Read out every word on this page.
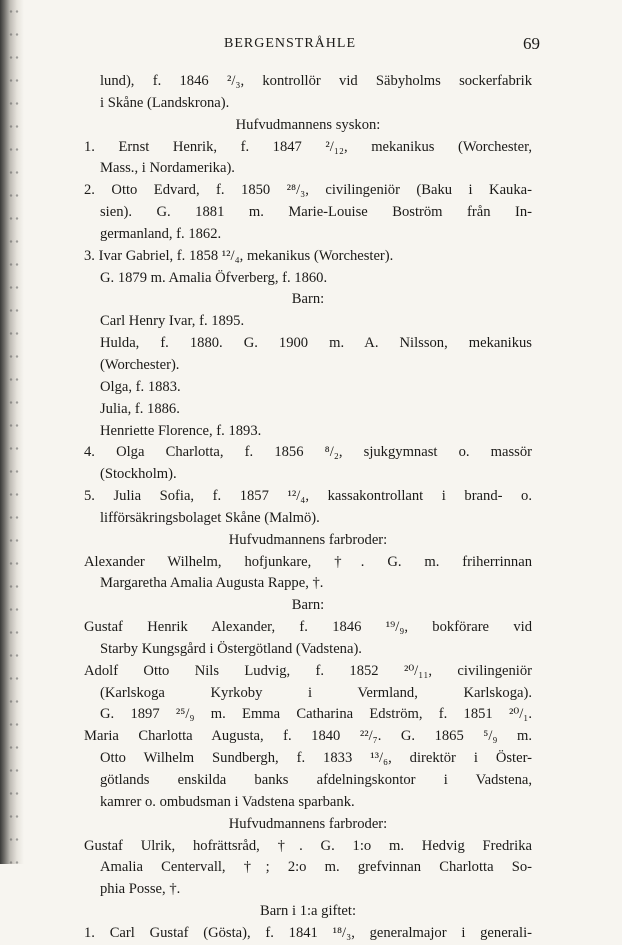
BERGENSTRÅHLE	69
lund), f. 1846 ²/₃, kontrollör vid Säbyholms sockerfabrik
i Skåne (Landskrona).
Hufvudmannens syskon:
1. Ernst Henrik, f. 1847 ²/₁₂, mekanikus (Worchester,
Mass., i Nordamerika).
2. Otto Edvard, f. 1850 ²⁸/₃, civilingeniör (Baku i Kauka-
sien). G. 1881 m. Marie-Louise Boström från In-
germanland, f. 1862.
3. Ivar Gabriel, f. 1858 ¹²/₄, mekanikus (Worchester).
G. 1879 m. Amalia Öfverberg, f. 1860.
Barn:
Carl Henry Ivar, f. 1895.
Hulda, f. 1880. G. 1900 m. A. Nilsson, mekanikus
(Worchester).
Olga, f. 1883.
Julia, f. 1886.
Henriette Florence, f. 1893.
4. Olga Charlotta, f. 1856 ⁸/₂, sjukgymnast o. massör
(Stockholm).
5. Julia Sofia, f. 1857 ¹²/₄, kassakontrollant i brand- o.
lifförsäkringsbolaget Skåne (Malmö).
Hufvudmannens farbroder:
Alexander Wilhelm, hofjunkare, †. G. m. friherrinnan
Margaretha Amalia Augusta Rappe, †.
Barn:
Gustaf Henrik Alexander, f. 1846 ¹⁹/₉, bokförare vid
Starby Kungsgård i Östergötland (Vadstena).
Adolf Otto Nils Ludvig, f. 1852 ²⁰/₁₁, civilingeniör
(Karlskoga Kyrkoby i Vermland, Karlskoga).
G. 1897 ²⁵/₉ m. Emma Catharina Edström, f. 1851 ²⁰/₁.
Maria Charlotta Augusta, f. 1840 ²²/₇. G. 1865 ⁵/₉ m.
Otto Wilhelm Sundbergh, f. 1833 ¹³/₆, direktör i Öster-
götlands enskilda banks afdelningskontor i Vadstena,
kamrer o. ombudsman i Vadstena sparbank.
Hufvudmannens farbroder:
Gustaf Ulrik, hofrättsråd, †. G. 1:o m. Hedvig Fredrika
Amalia Centervall, †; 2:o m. grefvinnan Charlotta So-
phia Posse, †.
Barn i 1:a giftet:
1. Carl Gustaf (Gösta), f. 1841 ¹⁸/₃, generalmajor i generali-
